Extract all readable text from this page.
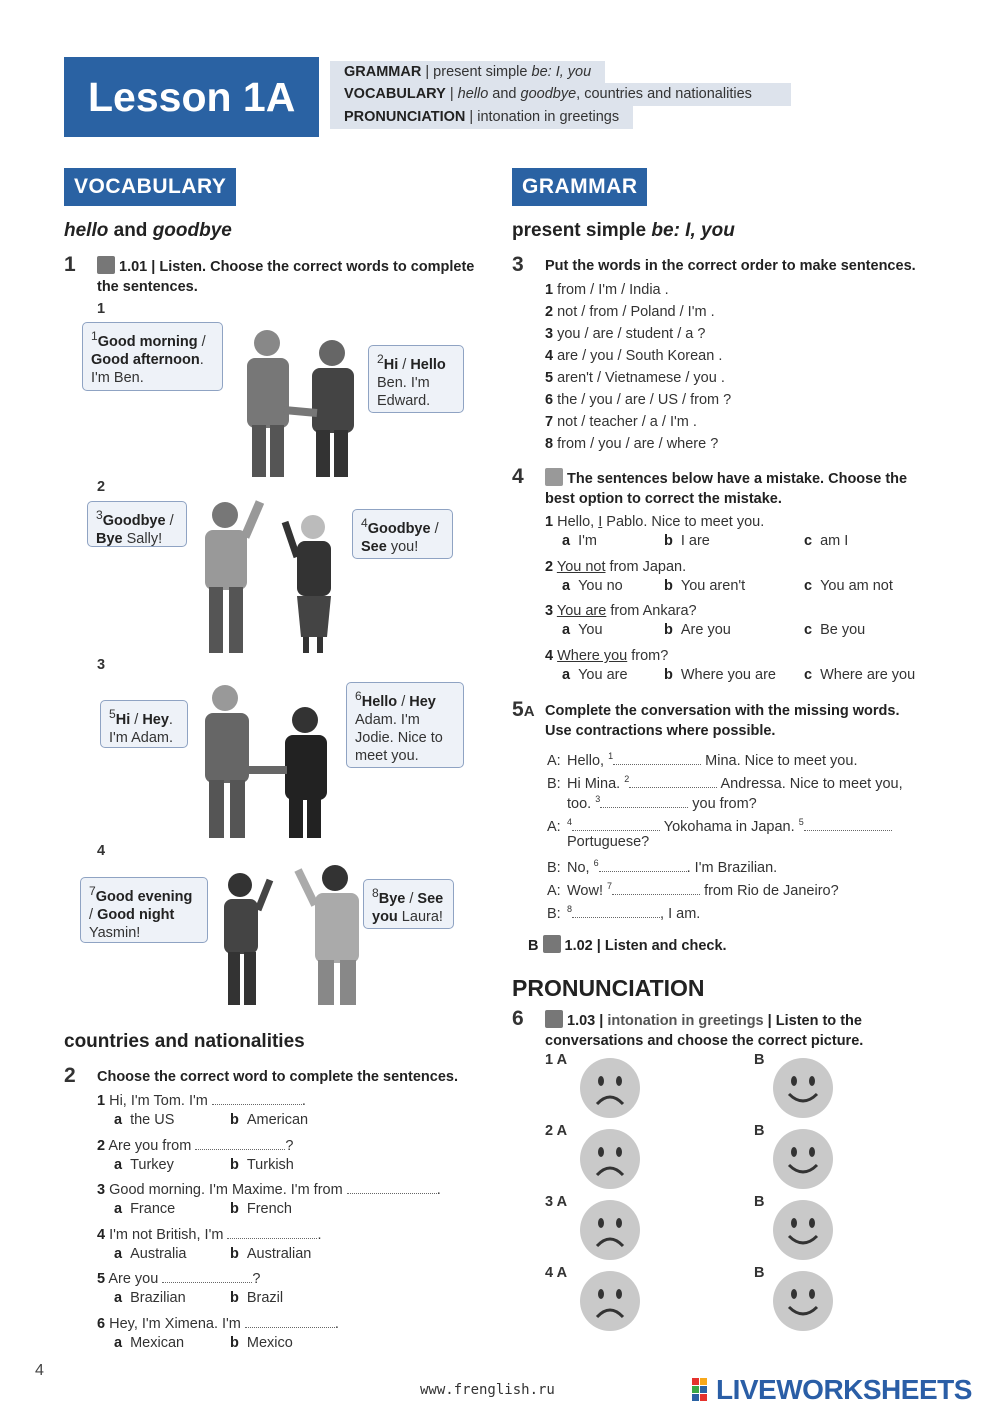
Lesson 1A
GRAMMAR | present simple be: I, you
VOCABULARY | hello and goodbye, countries and nationalities
PRONUNCIATION | intonation in greetings
VOCABULARY
hello and goodbye
1	1.01 | Listen. Choose the correct words to complete the sentences.
1
$^1$Good morning / Good afternoon. I'm Ben.
$^2$Hi / Hello Ben. I'm Edward.
2
$^3$Goodbye / Bye Sally!
$^4$Goodbye / See you!
3
$^5$Hi / Hey. I'm Adam.
$^6$Hello / Hey Adam. I'm Jodie. Nice to meet you.
4
$^7$Good evening / Good night Yasmin!
$^8$Bye / See you Laura!
countries and nationalities
2 Choose the correct word to complete the sentences.
1 Hi, I'm Tom. I'm	.
a the US	b American
2 Are you from	?
a Turkey	b Turkish
3 Good morning. I'm Maxime. I'm from	.
a France	b French
4 I'm not British, I'm	.
a Australia	b Australian
5 Are you	?
a Brazilian	b Brazil
6 Hey, I'm Ximena. I'm	.
a Mexican	b Mexico
GRAMMAR
present simple be: I, you
3 Put the words in the correct order to make sentences.
1 from / I'm / India .
2 not / from / Poland / I'm .
3 you / are / student / a ?
4 are / you / South Korean .
5 aren't / Vietnamese / you .
6 the / you / are / US / from ?
7 not / teacher / a / I'm .
8 from / you / are / where ?
4	The sentences below have a mistake. Choose the best option to correct the mistake.
1 Hello, I Pablo. Nice to meet you.
a I'm	b I are	c am I
2 You not from Japan.
a You no	b You aren't	c You am not
3 You are from Ankara?
a You	b Are you	c Be you
4 Where you from?
a You are	b Where you are c Where are you
5A Complete the conversation with the missing words. Use contractions where possible.
A: Hello, $^1$	Mina. Nice to meet you.
B: Hi Mina. $^2$	Andressa. Nice to meet you,
too. $^3$	you from?
A: $^4$	Yokohama in Japan. $^5$
Portuguese?
B: No, $^6$	. I'm Brazilian.
A: Wow! $^7$	from Rio de Janeiro?
B: $^8$	, I am.
B 1.02 | Listen and check.
PRONUNCIATION
6	1.03 | intonation in greetings | Listen to the conversations and choose the correct picture.
1 A	B
2 A	B
3 A	B
4 A	B
4
www.frenglish.ru	LIVEWORKSHEETS
